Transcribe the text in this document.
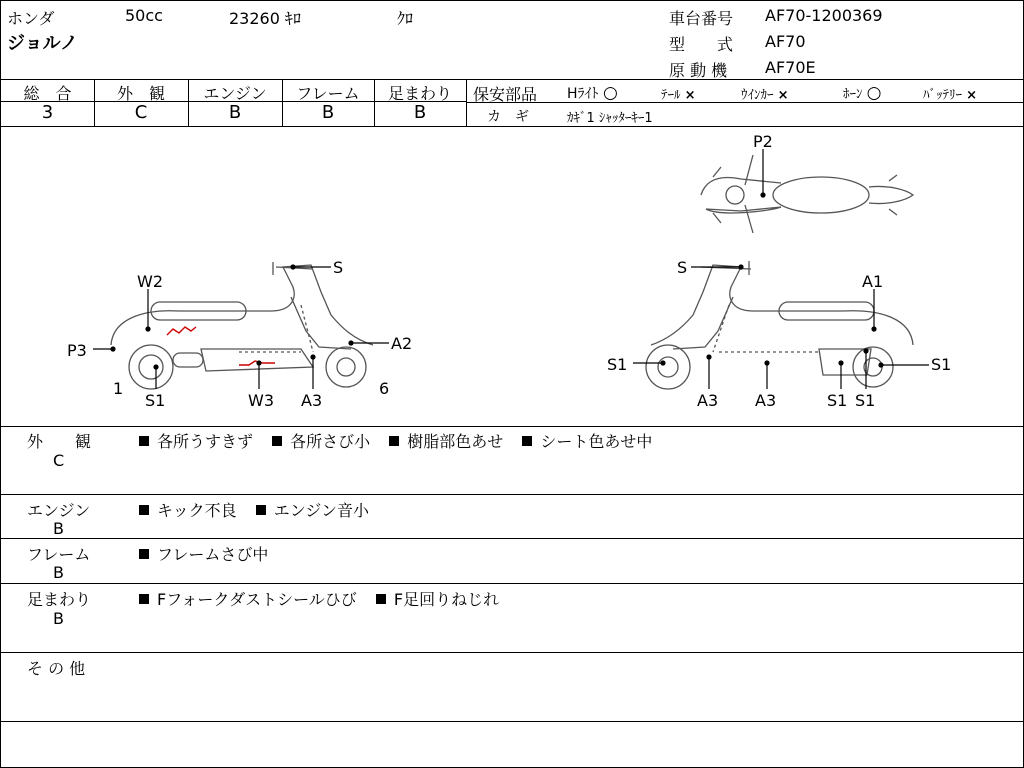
ホンダ	50cc	23260 ｷﾛ	ｸﾛ
ジョルノ
車台番号 AF70-1200369
型　　式 AF70
原 動 機 AF70E
総　合	外　観	エンジン	フレーム	足まわり
3	C	B	B	B
保安部品 Hﾗｲﾄ ○	ﾃｰﾙ ×	ｳｲﾝｶｰ ×	ﾎｰﾝ ○	ﾊﾞｯﾃﾘｰ ×
カ　ギ	ｶｷﾞ1 ｼｬｯﾀｰｷｰ1
W2
S
P3	A2
1
S1	W3 A3
6
P2
S
A1
S1	S1
A3 A3	S1 S1
外　　観
C
各所うすきず 各所さび小 樹脂部色あせ シート色あせ中
エンジン
B
キック不良 エンジン音小
フレーム
B
フレームさび中
足まわり
B
Fフォークダストシールひび F足回りねじれ
そ の 他
